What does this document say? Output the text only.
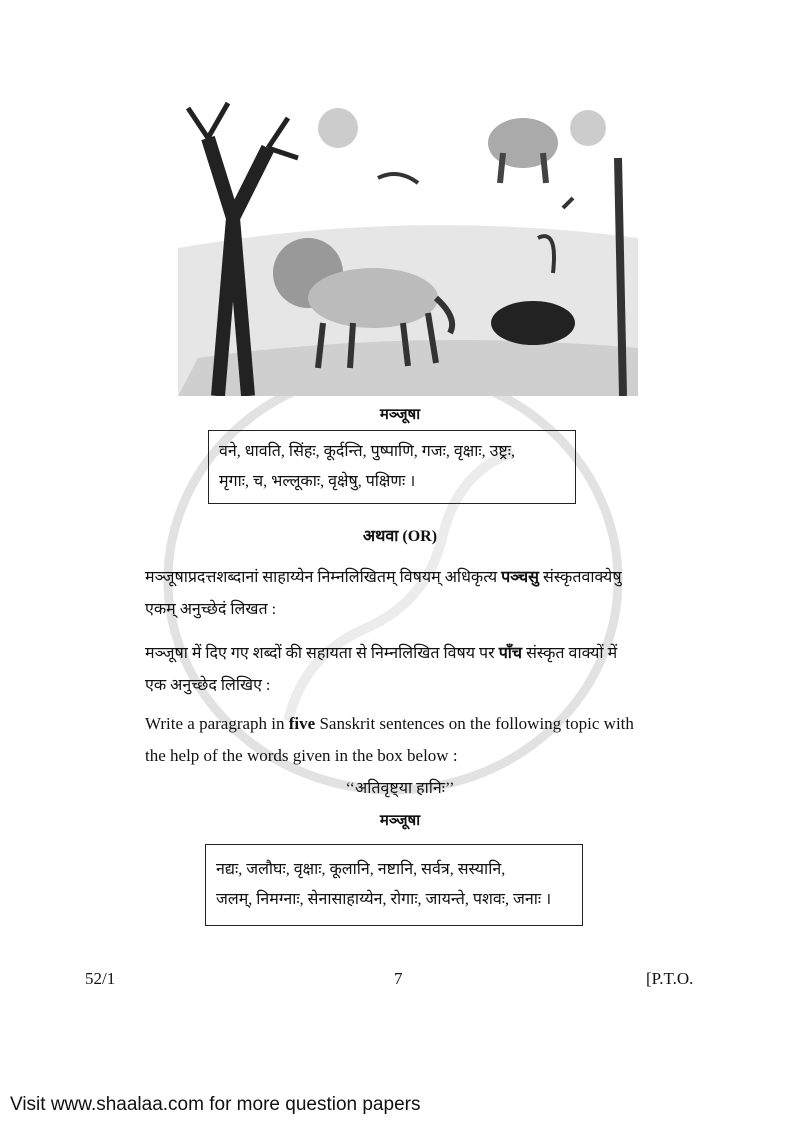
मञ्जूषा
वने, धावति, सिंहः, कूर्दन्ति, पुष्पाणि, गजः, वृक्षाः, उष्ट्रः,
मृगाः, च, भल्लूकाः, वृक्षेषु, पक्षिणः ।
अथवा (OR)
मञ्जूषाप्रदत्तशब्दानां साहाय्येन निम्नलिखितम् विषयम् अधिकृत्य पञ्चसु संस्कृतवाक्येषु
एकम् अनुच्छेदं लिखत :
मञ्जूषा में दिए गए शब्दों की सहायता से निम्नलिखित विषय पर पाँच संस्कृत वाक्यों में
एक अनुच्छेद लिखिए :
Write a paragraph in five Sanskrit sentences on the following topic with
the help of the words given in the box below :
‘‘अतिवृष्ट्या हानिः’’
मञ्जूषा
नद्यः, जलौघः, वृक्षाः, कूलानि, नष्टानि, सर्वत्र, सस्यानि,
जलम्, निमग्नाः, सेनासाहाय्येन, रोगाः, जायन्ते, पशवः, जनाः ।
52/1	7	[P.T.O.
Visit www.shaalaa.com for more question papers
